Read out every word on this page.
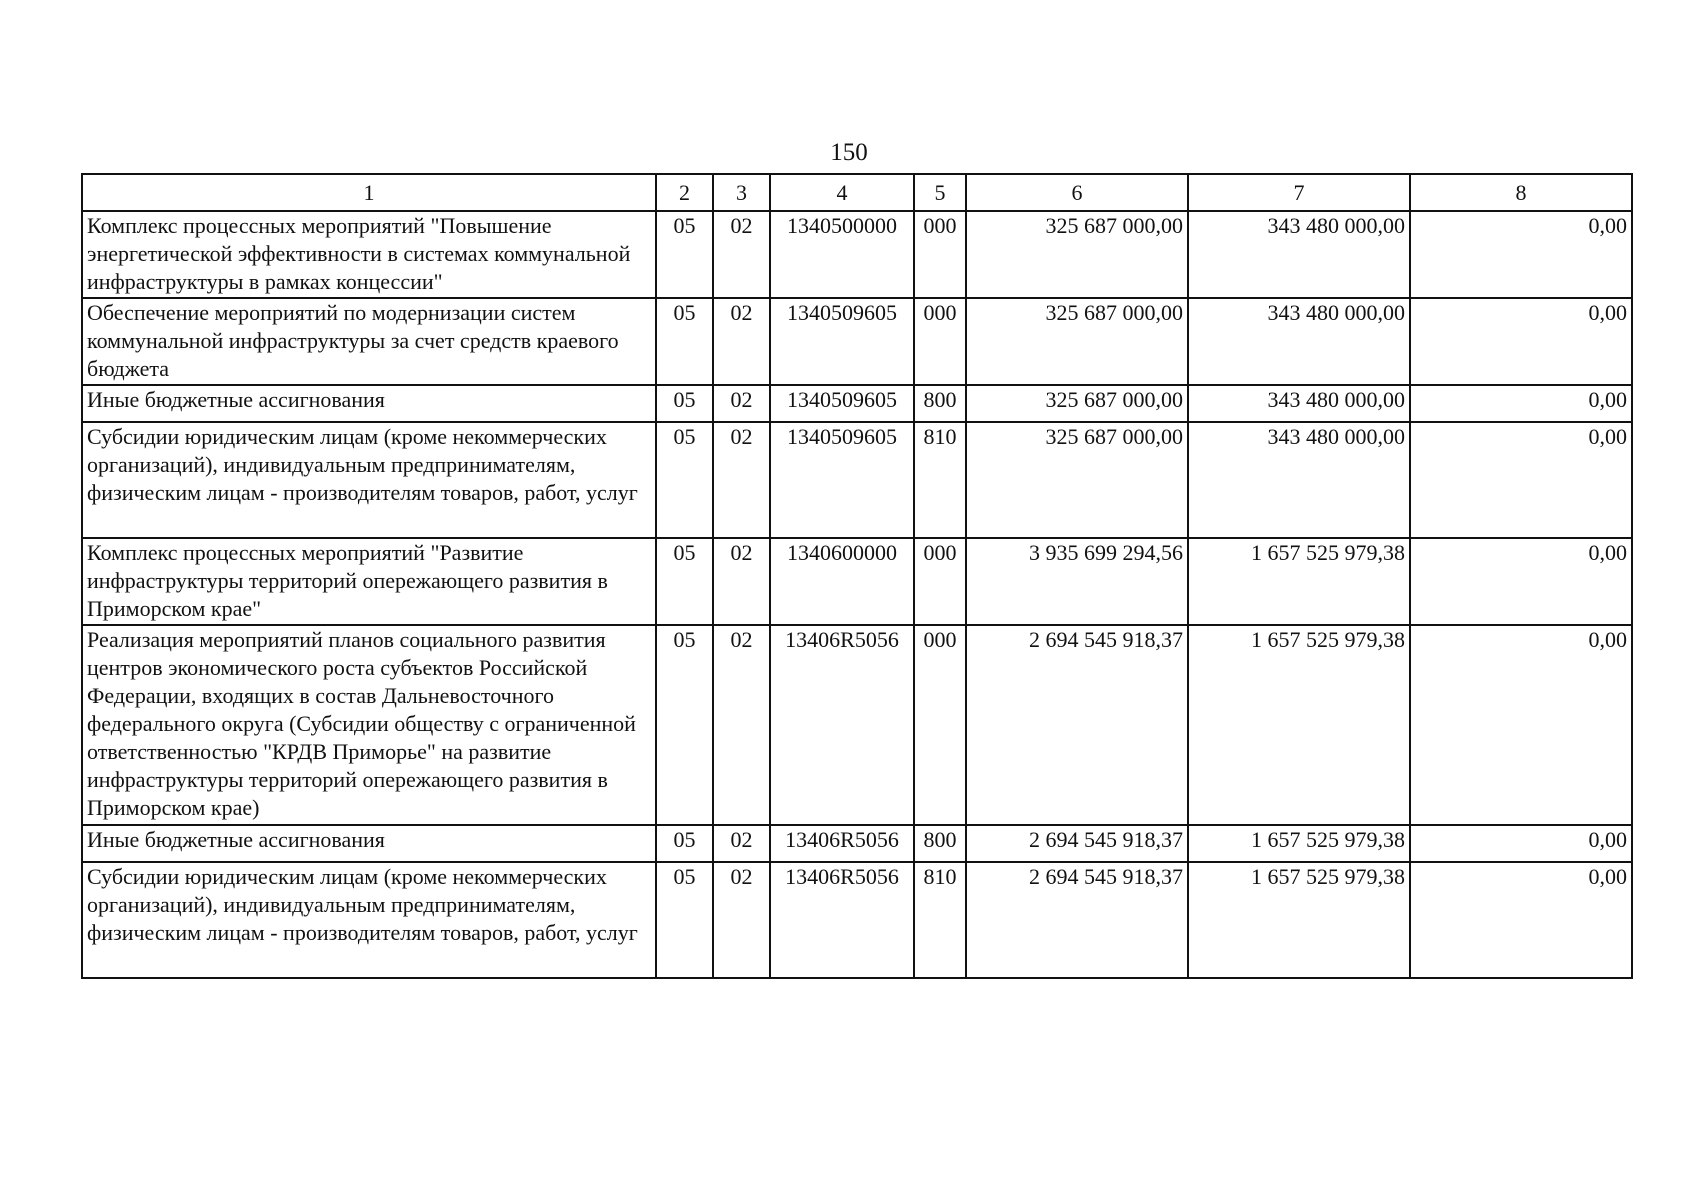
150
1	2	3	4	5	6	7	8
Комплекс процессных мероприятий "Повышение энергетической эффективности в системах коммунальной инфраструктуры в рамках концессии"	05	02	1340500000	000	325 687 000,00	343 480 000,00	0,00

Обеспечение мероприятий по модернизации систем коммунальной инфраструктуры за счет средств краевого бюджета	05	02	1340509605	000	325 687 000,00	343 480 000,00	0,00

Иные бюджетные ассигнования	05	02	1340509605	800	325 687 000,00	343 480 000,00	0,00

Субсидии юридическим лицам (кроме некоммерческих организаций), индивидуальным предпринимателям, физическим лицам - производителям товаров, работ, услуг	05	02	1340509605	810	325 687 000,00	343 480 000,00	0,00

Комплекс процессных мероприятий "Развитие инфраструктуры территорий опережающего развития в Приморском крае"	05	02	1340600000	000	3 935 699 294,56	1 657 525 979,38	0,00

Реализация мероприятий планов социального развития центров экономического роста субъектов Российской Федерации, входящих в состав Дальневосточного федерального округа (Субсидии обществу с ограниченной ответственностью "КРДВ Приморье" на развитие инфраструктуры территорий опережающего развития в Приморском крае)	05	02	13406R5056	000	2 694 545 918,37	1 657 525 979,38	0,00

Иные бюджетные ассигнования	05	02	13406R5056	800	2 694 545 918,37	1 657 525 979,38	0,00

Субсидии юридическим лицам (кроме некоммерческих организаций), индивидуальным предпринимателям, физическим лицам - производителям товаров, работ, услуг	05	02	13406R5056	810	2 694 545 918,37	1 657 525 979,38	0,00
